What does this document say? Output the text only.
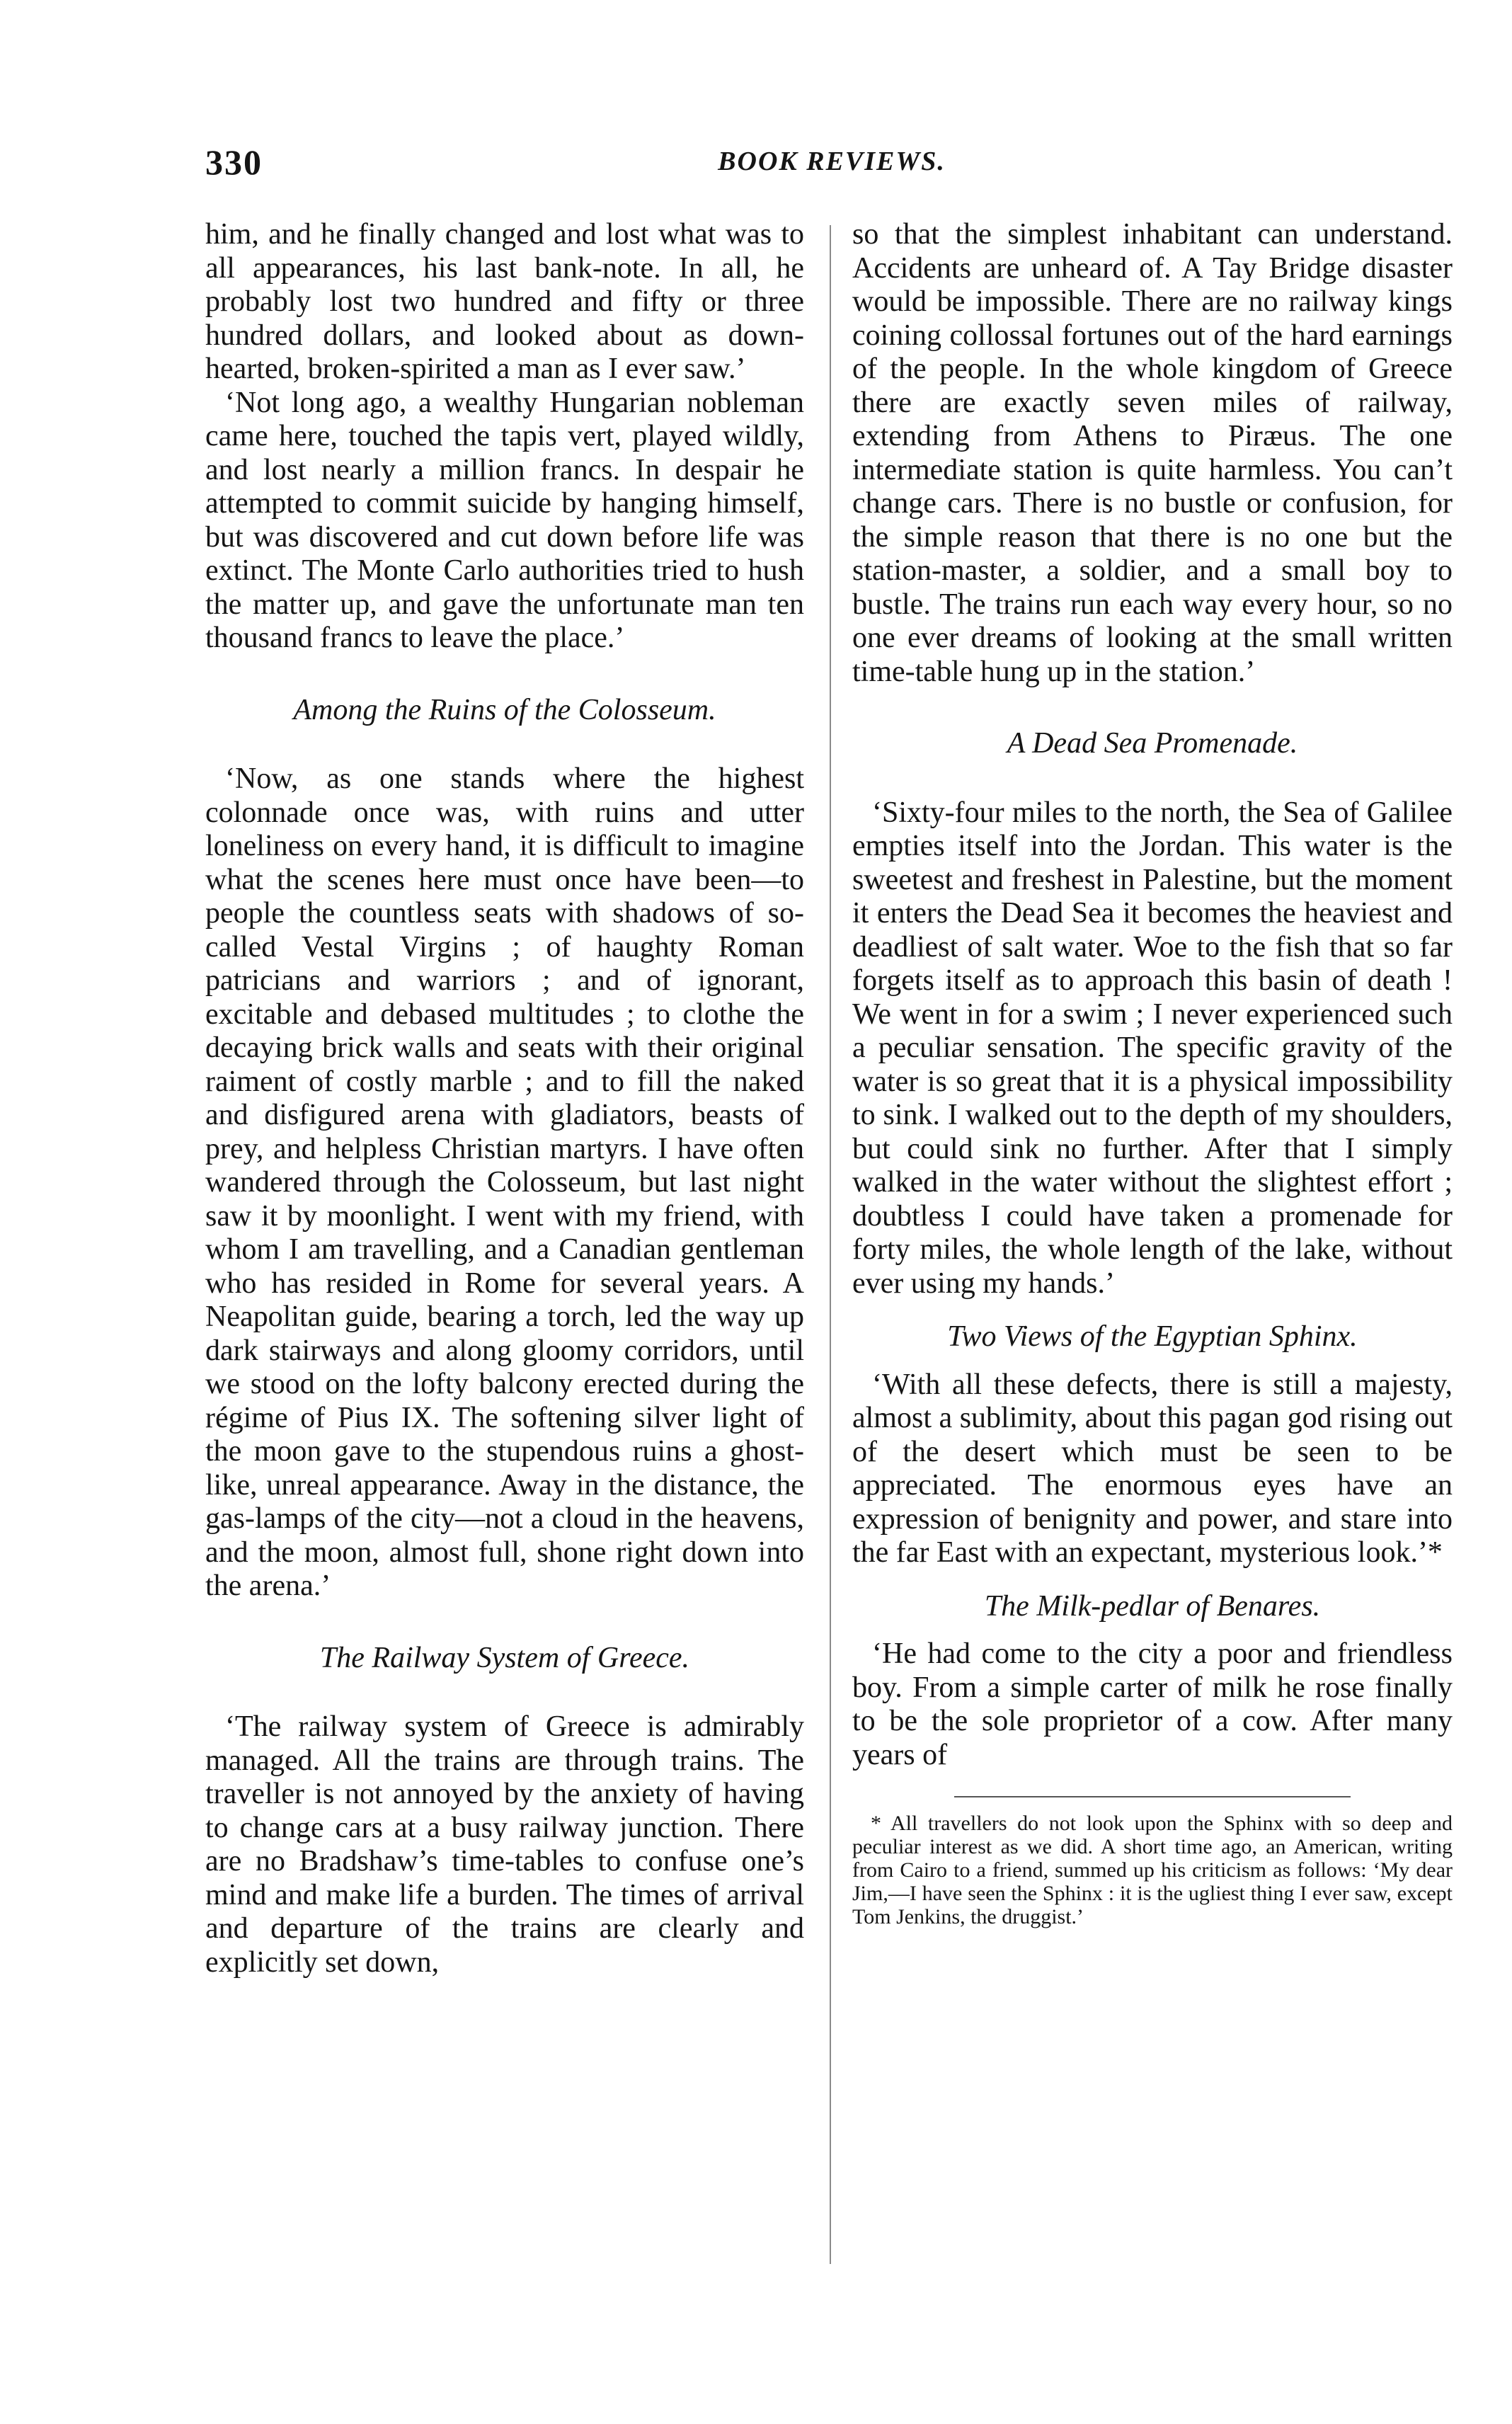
330	BOOK REVIEWS.

him, and he finally changed and lost what was to all appearances, his last bank-note. In all, he probably lost two hundred and fifty or three hundred dollars, and looked about as down-hearted, broken-spirited a man as I ever saw.’

‘Not long ago, a wealthy Hungarian nobleman came here, touched the tapis vert, played wildly, and lost nearly a million francs. In despair he attempted to commit suicide by hanging himself, but was discovered and cut down before life was extinct. The Monte Carlo authorities tried to hush the matter up, and gave the unfortunate man ten thousand francs to leave the place.’

Among the Ruins of the Colosseum.

‘Now, as one stands where the highest colonnade once was, with ruins and utter loneliness on every hand, it is difficult to imagine what the scenes here must once have been—to people the countless seats with shadows of so-called Vestal Virgins ; of haughty Roman patricians and warriors ; and of ignorant, excitable and debased multitudes ; to clothe the decaying brick walls and seats with their original raiment of costly marble ; and to fill the naked and disfigured arena with gladiators, beasts of prey, and helpless Christian martyrs. I have often wandered through the Colosseum, but last night saw it by moonlight. I went with my friend, with whom I am travelling, and a Canadian gentleman who has resided in Rome for several years. A Neapolitan guide, bearing a torch, led the way up dark stairways and along gloomy corridors, until we stood on the lofty balcony erected during the régime of Pius IX. The softening silver light of the moon gave to the stupendous ruins a ghost-like, unreal appearance. Away in the distance, the gas-lamps of the city—not a cloud in the heavens, and the moon, almost full, shone right down into the arena.’

The Railway System of Greece.

‘The railway system of Greece is admirably managed. All the trains are through trains. The traveller is not annoyed by the anxiety of having to change cars at a busy railway junction. There are no Bradshaw’s time-tables to confuse one’s mind and make life a burden. The times of arrival and departure of the trains are clearly and explicitly set down,

so that the simplest inhabitant can understand. Accidents are unheard of. A Tay Bridge disaster would be impossible. There are no railway kings coining collossal fortunes out of the hard earnings of the people. In the whole kingdom of Greece there are exactly seven miles of railway, extending from Athens to Piræus. The one intermediate station is quite harmless. You can’t change cars. There is no bustle or confusion, for the simple reason that there is no one but the station-master, a soldier, and a small boy to bustle. The trains run each way every hour, so no one ever dreams of looking at the small written time-table hung up in the station.’

A Dead Sea Promenade.

‘Sixty-four miles to the north, the Sea of Galilee empties itself into the Jordan. This water is the sweetest and freshest in Palestine, but the moment it enters the Dead Sea it becomes the heaviest and deadliest of salt water. Woe to the fish that so far forgets itself as to approach this basin of death ! We went in for a swim ; I never experienced such a peculiar sensation. The specific gravity of the water is so great that it is a physical impossibility to sink. I walked out to the depth of my shoulders, but could sink no further. After that I simply walked in the water without the slightest effort ; doubtless I could have taken a promenade for forty miles, the whole length of the lake, without ever using my hands.’

Two Views of the Egyptian Sphinx.

‘With all these defects, there is still a majesty, almost a sublimity, about this pagan god rising out of the desert which must be seen to be appreciated. The enormous eyes have an expression of benignity and power, and stare into the far East with an expectant, mysterious look.’*

The Milk-pedlar of Benares.

‘He had come to the city a poor and friendless boy. From a simple carter of milk he rose finally to be the sole proprietor of a cow. After many years of

* All travellers do not look upon the Sphinx with so deep and peculiar interest as we did. A short time ago, an American, writing from Cairo to a friend, summed up his criticism as follows: ‘My dear Jim,—I have seen the Sphinx : it is the ugliest thing I ever saw, except Tom Jenkins, the druggist.’
